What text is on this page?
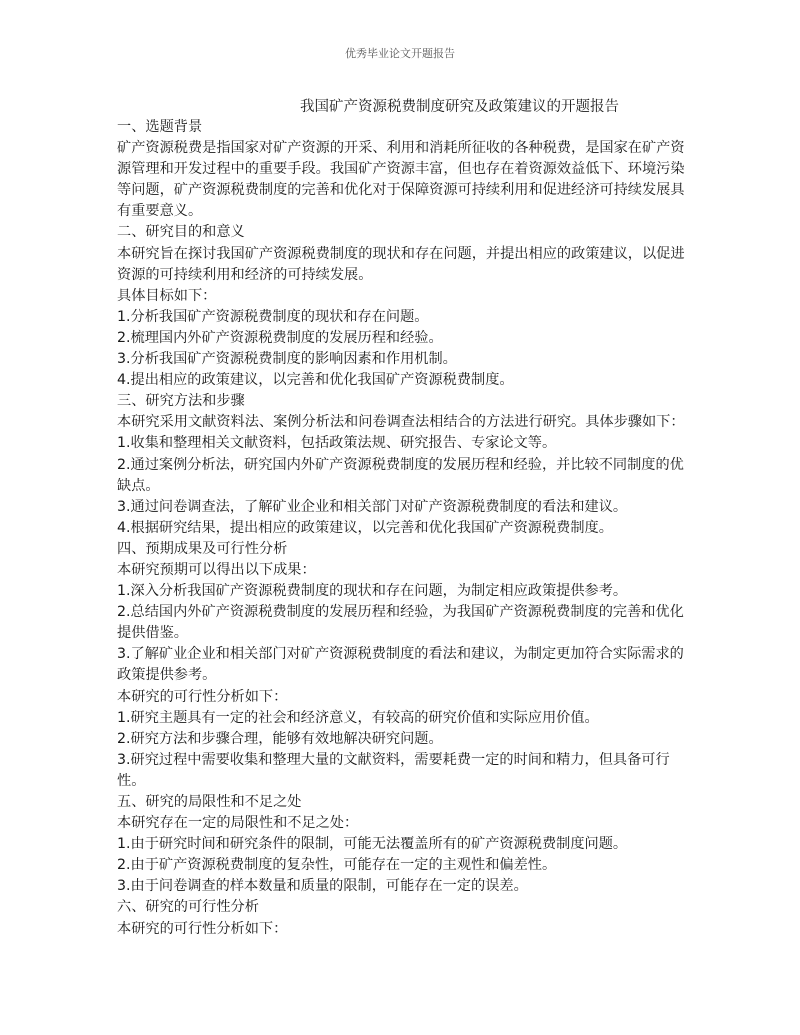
优秀毕业论文开题报告
我国矿产资源税费制度研究及政策建议的开题报告

一、选题背景

矿产资源税费是指国家对矿产资源的开采、利用和消耗所征收的各种税费，是国家在矿产资源管理和开发过程中的重要手段。我国矿产资源丰富，但也存在着资源效益低下、环境污染等问题，矿产资源税费制度的完善和优化对于保障资源可持续利用和促进经济可持续发展具有重要意义。

二、研究目的和意义

本研究旨在探讨我国矿产资源税费制度的现状和存在问题，并提出相应的政策建议，以促进资源的可持续利用和经济的可持续发展。

具体目标如下：

1.分析我国矿产资源税费制度的现状和存在问题。

2.梳理国内外矿产资源税费制度的发展历程和经验。

3.分析我国矿产资源税费制度的影响因素和作用机制。

4.提出相应的政策建议，以完善和优化我国矿产资源税费制度。

三、研究方法和步骤

本研究采用文献资料法、案例分析法和问卷调查法相结合的方法进行研究。具体步骤如下：

1.收集和整理相关文献资料，包括政策法规、研究报告、专家论文等。

2.通过案例分析法，研究国内外矿产资源税费制度的发展历程和经验，并比较不同制度的优缺点。

3.通过问卷调查法，了解矿业企业和相关部门对矿产资源税费制度的看法和建议。

4.根据研究结果，提出相应的政策建议，以完善和优化我国矿产资源税费制度。

四、预期成果及可行性分析

本研究预期可以得出以下成果：

1.深入分析我国矿产资源税费制度的现状和存在问题，为制定相应政策提供参考。

2.总结国内外矿产资源税费制度的发展历程和经验，为我国矿产资源税费制度的完善和优化提供借鉴。

3.了解矿业企业和相关部门对矿产资源税费制度的看法和建议，为制定更加符合实际需求的政策提供参考。

本研究的可行性分析如下：

1.研究主题具有一定的社会和经济意义，有较高的研究价值和实际应用价值。

2.研究方法和步骤合理，能够有效地解决研究问题。

3.研究过程中需要收集和整理大量的文献资料，需要耗费一定的时间和精力，但具备可行性。

五、研究的局限性和不足之处

本研究存在一定的局限性和不足之处：

1.由于研究时间和研究条件的限制，可能无法覆盖所有的矿产资源税费制度问题。

2.由于矿产资源税费制度的复杂性，可能存在一定的主观性和偏差性。

3.由于问卷调查的样本数量和质量的限制，可能存在一定的误差。

六、研究的可行性分析

本研究的可行性分析如下：
